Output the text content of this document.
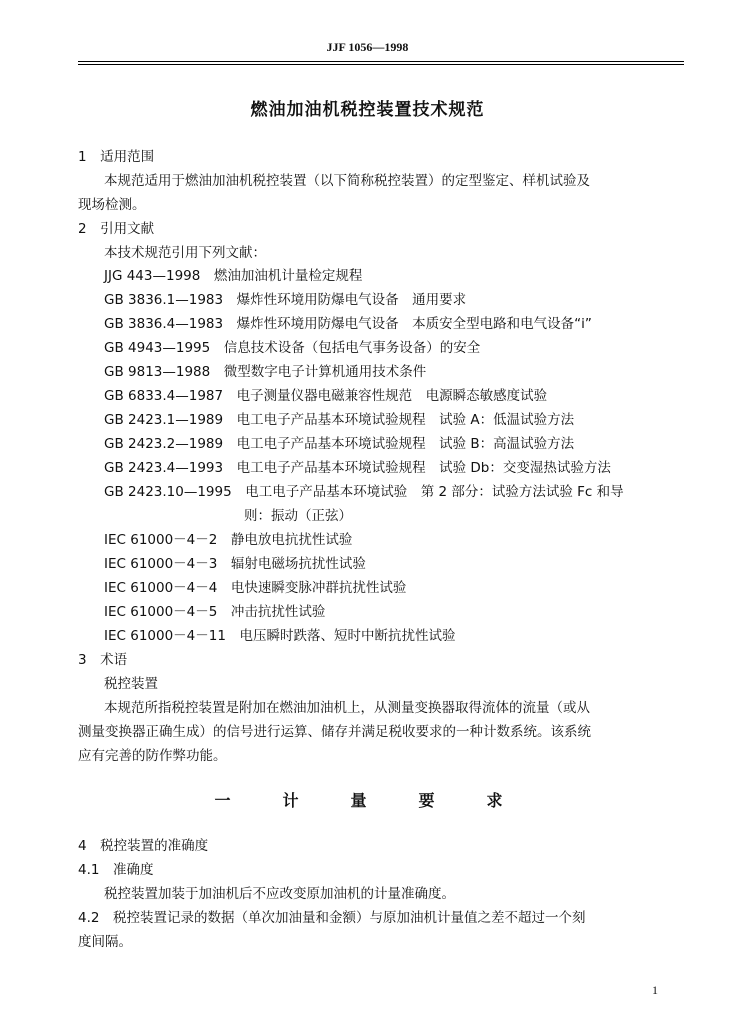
JJF 1056—1998
燃油加油机税控装置技术规范
1　适用范围
本规范适用于燃油加油机税控装置（以下简称税控装置）的定型鉴定、样机试验及
现场检测。
2　引用文献
本技术规范引用下列文献：
JJG 443—1998　燃油加油机计量检定规程
GB 3836.1—1983　爆炸性环境用防爆电气设备　通用要求
GB 3836.4—1983　爆炸性环境用防爆电气设备　本质安全型电路和电气设备“i”
GB 4943—1995　信息技术设备（包括电气事务设备）的安全
GB 9813—1988　微型数字电子计算机通用技术条件
GB 6833.4—1987　电子测量仪器电磁兼容性规范　电源瞬态敏感度试验
GB 2423.1—1989　电工电子产品基本环境试验规程　试验 A：低温试验方法
GB 2423.2—1989　电工电子产品基本环境试验规程　试验 B：高温试验方法
GB 2423.4—1993　电工电子产品基本环境试验规程　试验 Db：交变湿热试验方法
GB 2423.10—1995　电工电子产品基本环境试验　第 2 部分：试验方法试验 Fc 和导
则：振动（正弦）
IEC 61000－4－2　静电放电抗扰性试验
IEC 61000－4－3　辐射电磁场抗扰性试验
IEC 61000－4－4　电快速瞬变脉冲群抗扰性试验
IEC 61000－4－5　冲击抗扰性试验
IEC 61000－4－11　电压瞬时跌落、短时中断抗扰性试验
3　术语
税控装置
本规范所指税控装置是附加在燃油加油机上，从测量变换器取得流体的流量（或从
测量变换器正确生成）的信号进行运算、储存并满足税收要求的一种计数系统。该系统
应有完善的防作弊功能。
一　计　量　要　求
4　税控装置的准确度
4.1　准确度
税控装置加装于加油机后不应改变原加油机的计量准确度。
4.2　税控装置记录的数据（单次加油量和金额）与原加油机计量值之差不超过一个刻
度间隔。
1
